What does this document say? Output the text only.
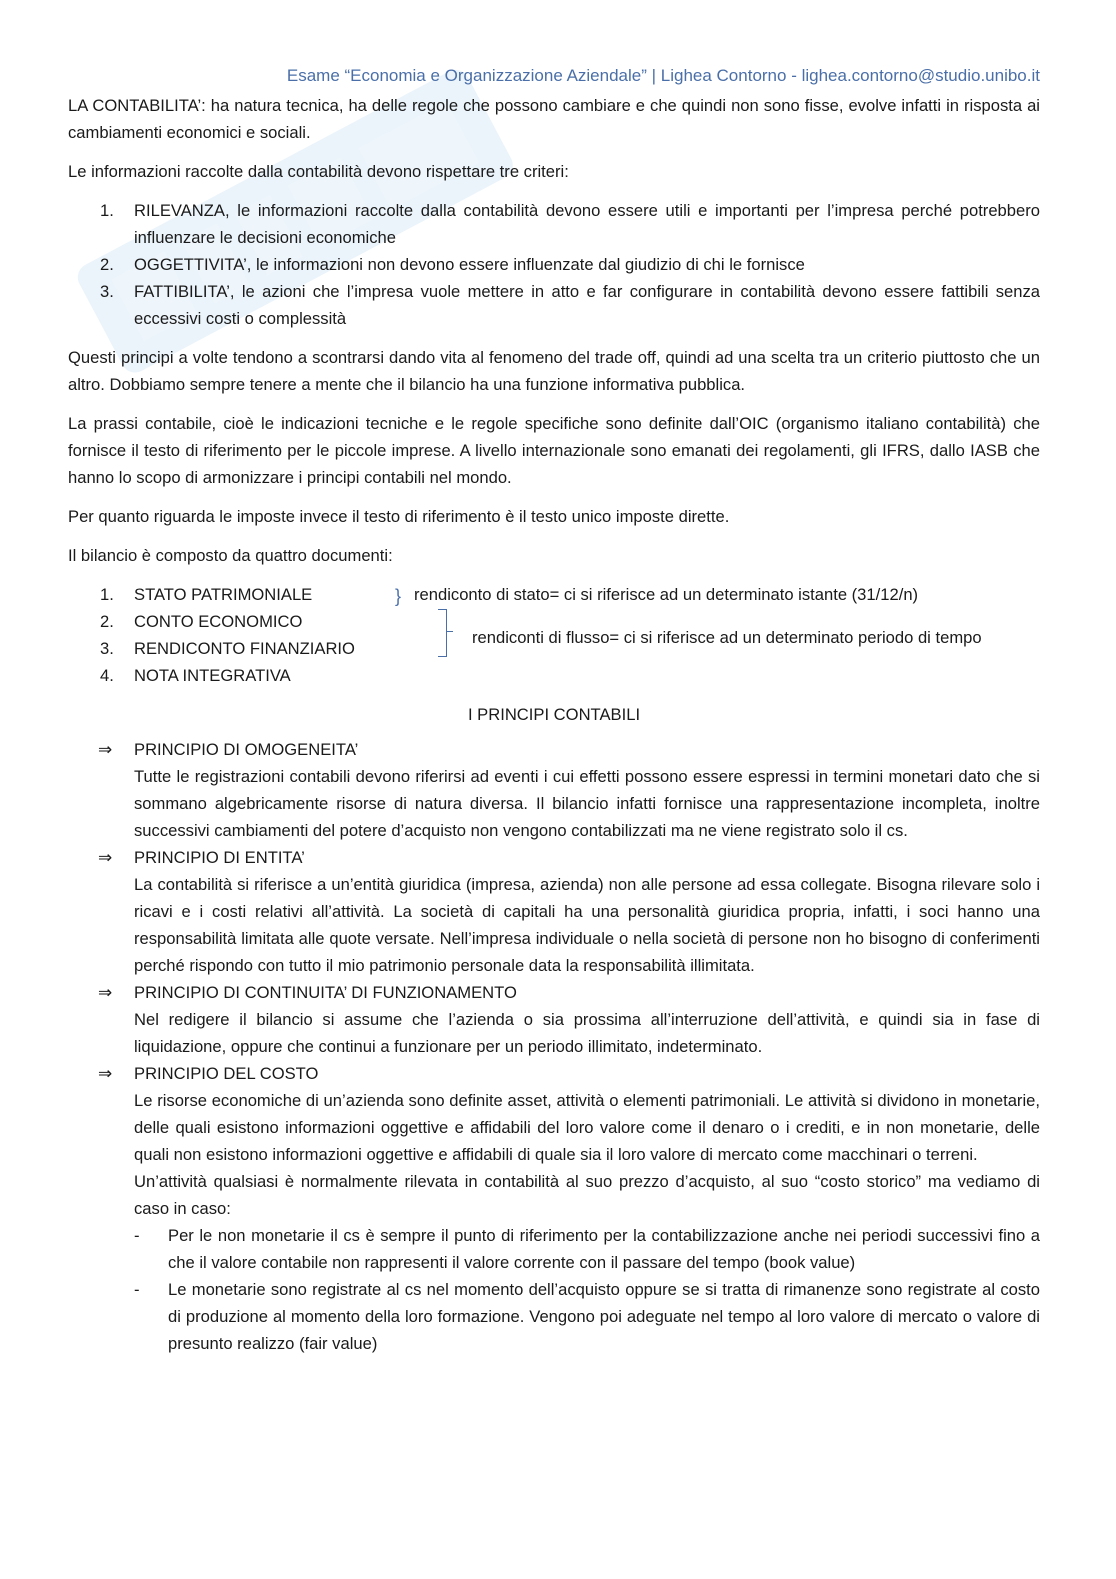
Esame “Economia e Organizzazione Aziendale” | Lighea Contorno - lighea.contorno@studio.unibo.it

LA CONTABILITA’: ha natura tecnica, ha delle regole che possono cambiare e che quindi non sono fisse, evolve infatti in risposta ai cambiamenti economici e sociali.

Le informazioni raccolte dalla contabilità devono rispettare tre criteri:

1. RILEVANZA, le informazioni raccolte dalla contabilità devono essere utili e importanti per l’impresa perché potrebbero influenzare le decisioni economiche
2. OGGETTIVITA’, le informazioni non devono essere influenzate dal giudizio di chi le fornisce
3. FATTIBILITA’, le azioni che l’impresa vuole mettere in atto e far configurare in contabilità devono essere fattibili senza eccessivi costi o complessità

Questi principi a volte tendono a scontrarsi dando vita al fenomeno del trade off, quindi ad una scelta tra un criterio piuttosto che un altro. Dobbiamo sempre tenere a mente che il bilancio ha una funzione informativa pubblica.

La prassi contabile, cioè le indicazioni tecniche e le regole specifiche sono definite dall’OIC (organismo italiano contabilità) che fornisce il testo di riferimento per le piccole imprese. A livello internazionale sono emanati dei regolamenti, gli IFRS, dallo IASB che hanno lo scopo di armonizzare i principi contabili nel mondo.

Per quanto riguarda le imposte invece il testo di riferimento è il testo unico imposte dirette.

Il bilancio è composto da quattro documenti:

1. STATO PATRIMONIALE
2. CONTO ECONOMICO
3. RENDICONTO FINANZIARIO
4. NOTA INTEGRATIVA
} rendiconto di stato= ci si riferisce ad un determinato istante (31/12/n)
rendiconti di flusso= ci si riferisce ad un determinato periodo di tempo
I PRINCIPI CONTABILI
⇒ PRINCIPIO DI OMOGENEITA’
Tutte le registrazioni contabili devono riferirsi ad eventi i cui effetti possono essere espressi in termini monetari dato che si sommano algebricamente risorse di natura diversa. Il bilancio infatti fornisce una rappresentazione incompleta, inoltre successivi cambiamenti del potere d’acquisto non vengono contabilizzati ma ne viene registrato solo il cs.
⇒ PRINCIPIO DI ENTITA’
La contabilità si riferisce a un’entità giuridica (impresa, azienda) non alle persone ad essa collegate. Bisogna rilevare solo i ricavi e i costi relativi all’attività. La società di capitali ha una personalità giuridica propria, infatti, i soci hanno una responsabilità limitata alle quote versate. Nell’impresa individuale o nella società di persone non ho bisogno di conferimenti perché rispondo con tutto il mio patrimonio personale data la responsabilità illimitata.
⇒ PRINCIPIO DI CONTINUITA’ DI FUNZIONAMENTO
Nel redigere il bilancio si assume che l’azienda o sia prossima all’interruzione dell’attività, e quindi sia in fase di liquidazione, oppure che continui a funzionare per un periodo illimitato, indeterminato.
⇒ PRINCIPIO DEL COSTO
Le risorse economiche di un’azienda sono definite asset, attività o elementi patrimoniali. Le attività si dividono in monetarie, delle quali esistono informazioni oggettive e affidabili del loro valore come il denaro o i crediti, e in non monetarie, delle quali non esistono informazioni oggettive e affidabili di quale sia il loro valore di mercato come macchinari o terreni.
Un’attività qualsiasi è normalmente rilevata in contabilità al suo prezzo d’acquisto, al suo “costo storico” ma vediamo di caso in caso:
- Per le non monetarie il cs è sempre il punto di riferimento per la contabilizzazione anche nei periodi successivi fino a che il valore contabile non rappresenti il valore corrente con il passare del tempo (book value)
- Le monetarie sono registrate al cs nel momento dell’acquisto oppure se si tratta di rimanenze sono registrate al costo di produzione al momento della loro formazione. Vengono poi adeguate nel tempo al loro valore di mercato o valore di presunto realizzo (fair value)
